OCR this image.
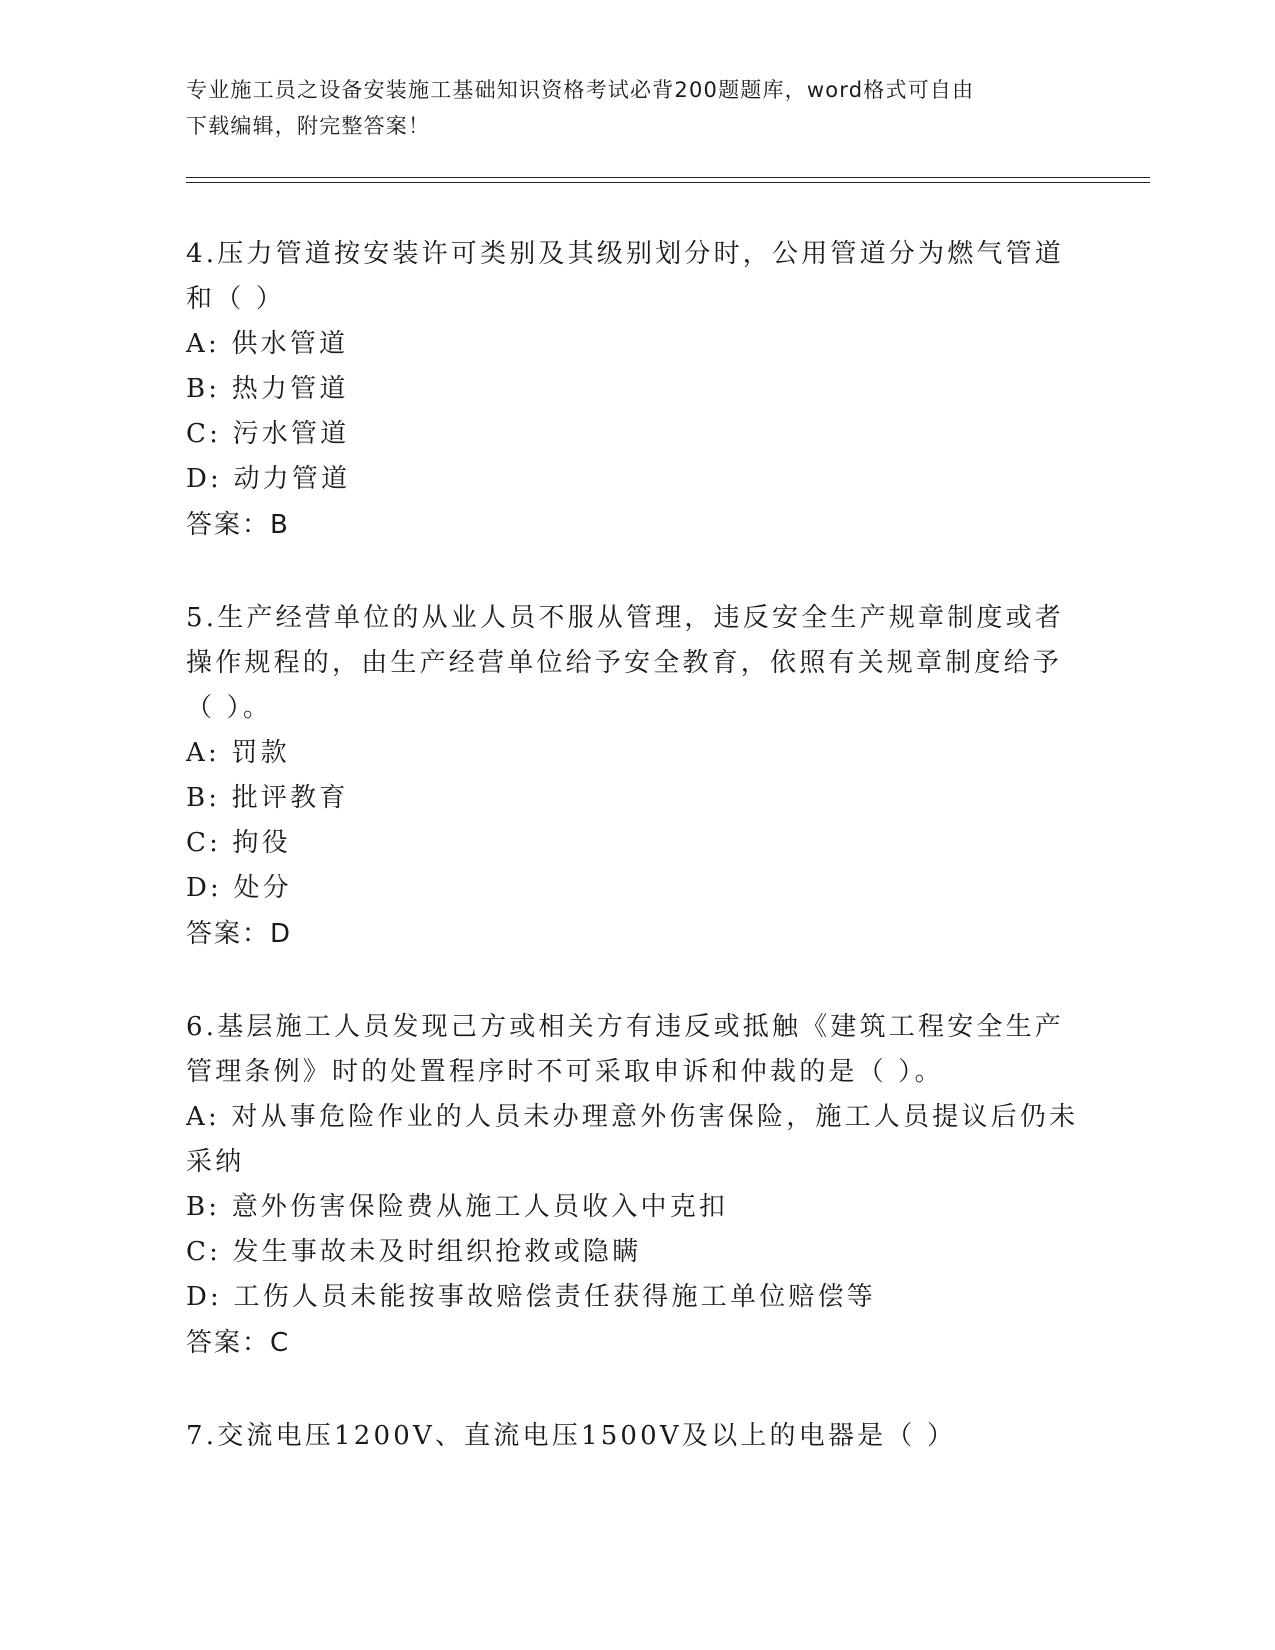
专业施工员之设备安装施工基础知识资格考试必背200题题库，word格式可自由
下载编辑，附完整答案！
4.压力管道按安装许可类别及其级别划分时，公用管道分为燃气管道
和（ ）
A: 供水管道
B: 热力管道
C: 污水管道
D: 动力管道
答案：B
5.生产经营单位的从业人员不服从管理，违反安全生产规章制度或者
操作规程的，由生产经营单位给予安全教育，依照有关规章制度给予
（ ）。
A: 罚款
B: 批评教育
C: 拘役
D: 处分
答案：D
6.基层施工人员发现己方或相关方有违反或抵触《建筑工程安全生产
管理条例》时的处置程序时不可采取申诉和仲裁的是（ ）。
A: 对从事危险作业的人员未办理意外伤害保险，施工人员提议后仍未
采纳
B: 意外伤害保险费从施工人员收入中克扣
C: 发生事故未及时组织抢救或隐瞒
D: 工伤人员未能按事故赔偿责任获得施工单位赔偿等
答案：C
7.交流电压1200V、直流电压1500V及以上的电器是（ ）
